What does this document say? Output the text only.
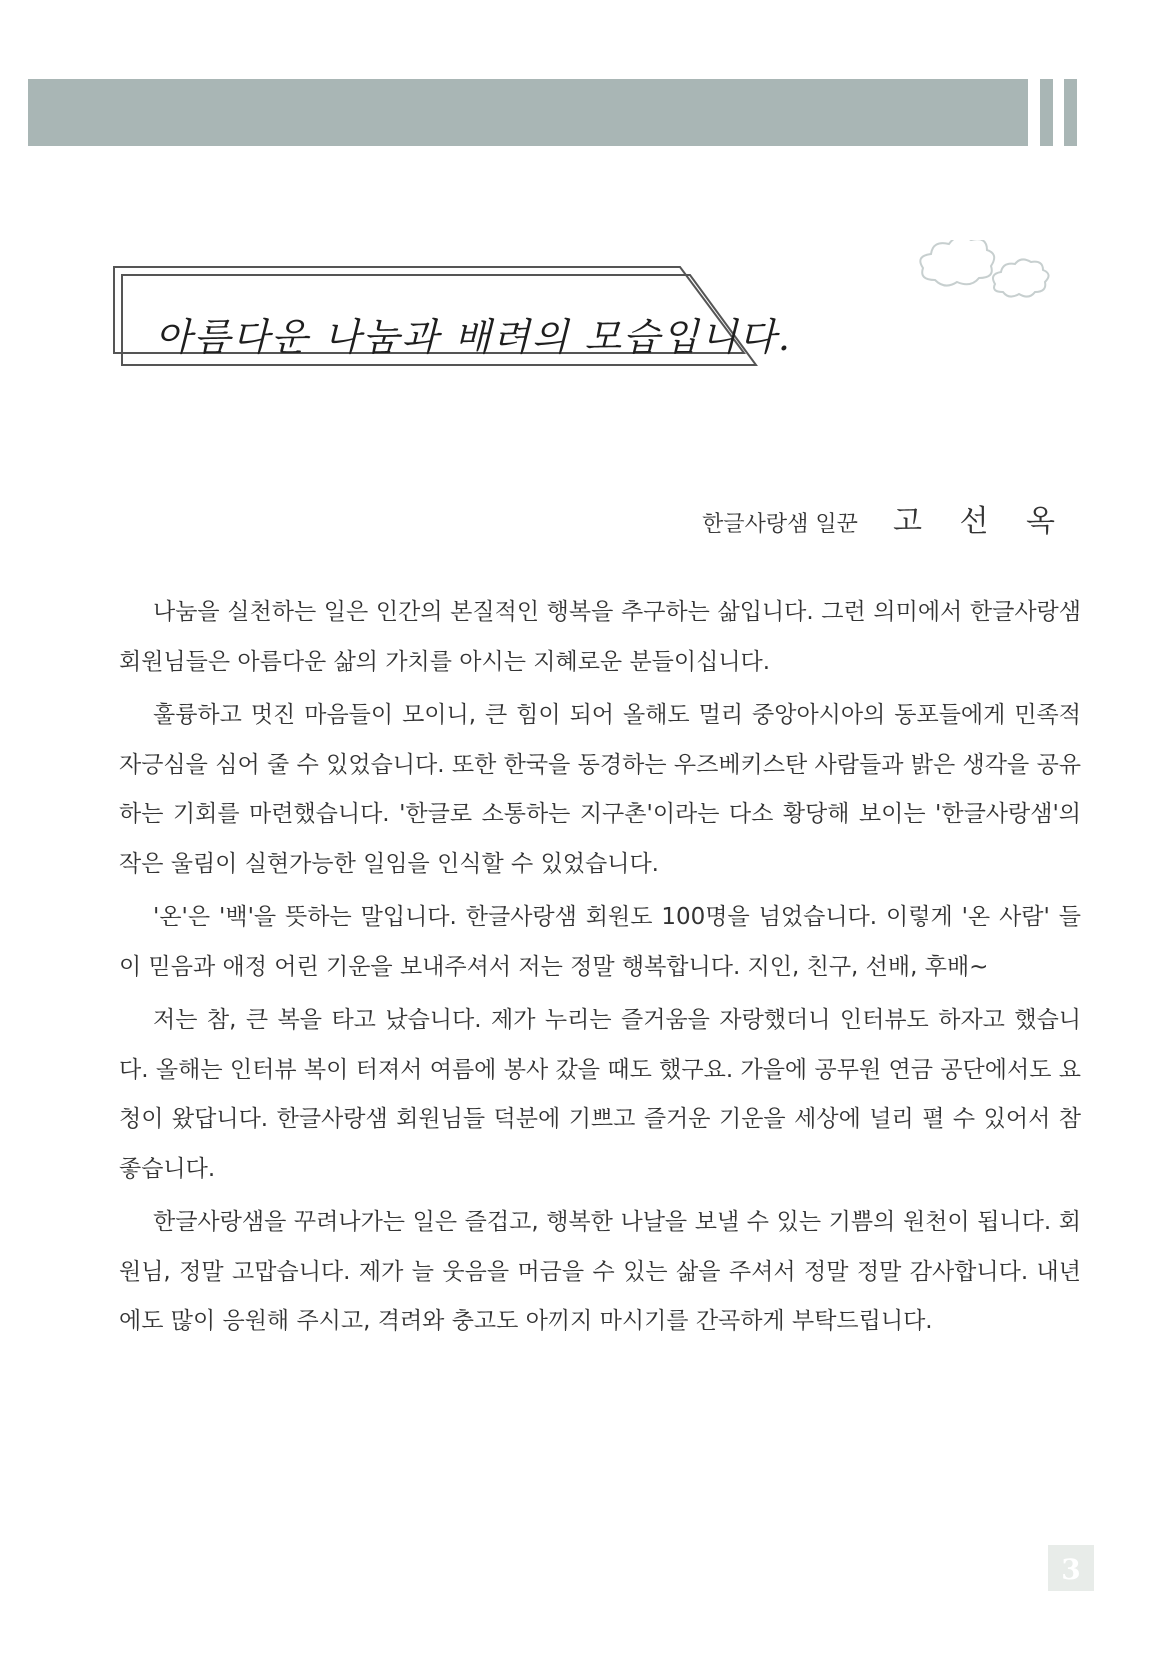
아름다운 나눔과 배려의 모습입니다.
한글사랑샘 일꾼 고 선 옥

나눔을 실천하는 일은 인간의 본질적인 행복을 추구하는 삶입니다. 그런 의미에서 한글사랑샘 회원님들은 아름다운 삶의 가치를 아시는 지혜로운 분들이십니다.

훌륭하고 멋진 마음들이 모이니, 큰 힘이 되어 올해도 멀리 중앙아시아의 동포들에게 민족적 자긍심을 심어 줄 수 있었습니다. 또한 한국을 동경하는 우즈베키스탄 사람들과 밝은 생각을 공유하는 기회를 마련했습니다. '한글로 소통하는 지구촌'이라는 다소 황당해 보이는 '한글사랑샘'의 작은 울림이 실현가능한 일임을 인식할 수 있었습니다.

'온'은 '백'을 뜻하는 말입니다. 한글사랑샘 회원도 100명을 넘었습니다. 이렇게 '온 사람' 들이 믿음과 애정 어린 기운을 보내주셔서 저는 정말 행복합니다. 지인, 친구, 선배, 후배~

저는 참, 큰 복을 타고 났습니다. 제가 누리는 즐거움을 자랑했더니 인터뷰도 하자고 했습니다. 올해는 인터뷰 복이 터져서 여름에 봉사 갔을 때도 했구요. 가을에 공무원 연금 공단에서도 요청이 왔답니다. 한글사랑샘 회원님들 덕분에 기쁘고 즐거운 기운을 세상에 널리 펼 수 있어서 참 좋습니다.

한글사랑샘을 꾸려나가는 일은 즐겁고, 행복한 나날을 보낼 수 있는 기쁨의 원천이 됩니다. 회원님, 정말 고맙습니다. 제가 늘 웃음을 머금을 수 있는 삶을 주셔서 정말 정말 감사합니다. 내년에도 많이 응원해 주시고, 격려와 충고도 아끼지 마시기를 간곡하게 부탁드립니다.

3
